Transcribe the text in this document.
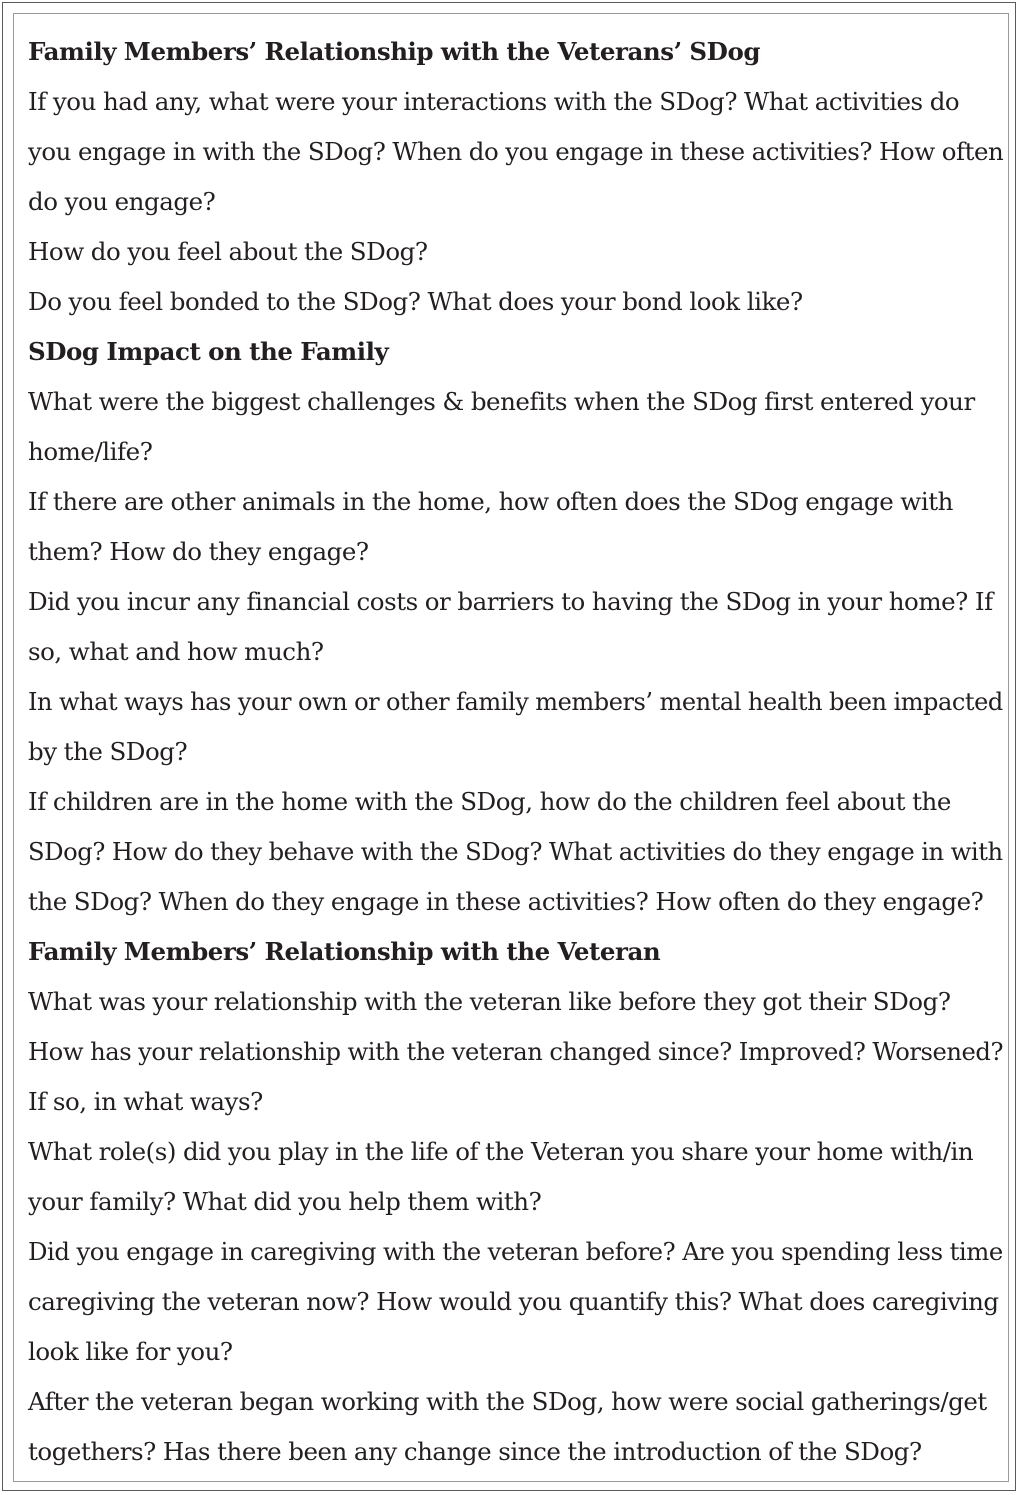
Family Members’ Relationship with the Veterans’ SDog
If you had any, what were your interactions with the SDog? What activities do
you engage in with the SDog? When do you engage in these activities? How often
do you engage?
How do you feel about the SDog?
Do you feel bonded to the SDog? What does your bond look like?
SDog Impact on the Family
What were the biggest challenges & benefits when the SDog first entered your
home/life?
If there are other animals in the home, how often does the SDog engage with
them? How do they engage?
Did you incur any financial costs or barriers to having the SDog in your home? If
so, what and how much?
In what ways has your own or other family members’ mental health been impacted
by the SDog?
If children are in the home with the SDog, how do the children feel about the
SDog? How do they behave with the SDog? What activities do they engage in with
the SDog? When do they engage in these activities? How often do they engage?
Family Members’ Relationship with the Veteran
What was your relationship with the veteran like before they got their SDog?
How has your relationship with the veteran changed since? Improved? Worsened?
If so, in what ways?
What role(s) did you play in the life of the Veteran you share your home with/in
your family? What did you help them with?
Did you engage in caregiving with the veteran before? Are you spending less time
caregiving the veteran now? How would you quantify this? What does caregiving
look like for you?
After the veteran began working with the SDog, how were social gatherings/get
togethers? Has there been any change since the introduction of the SDog?
